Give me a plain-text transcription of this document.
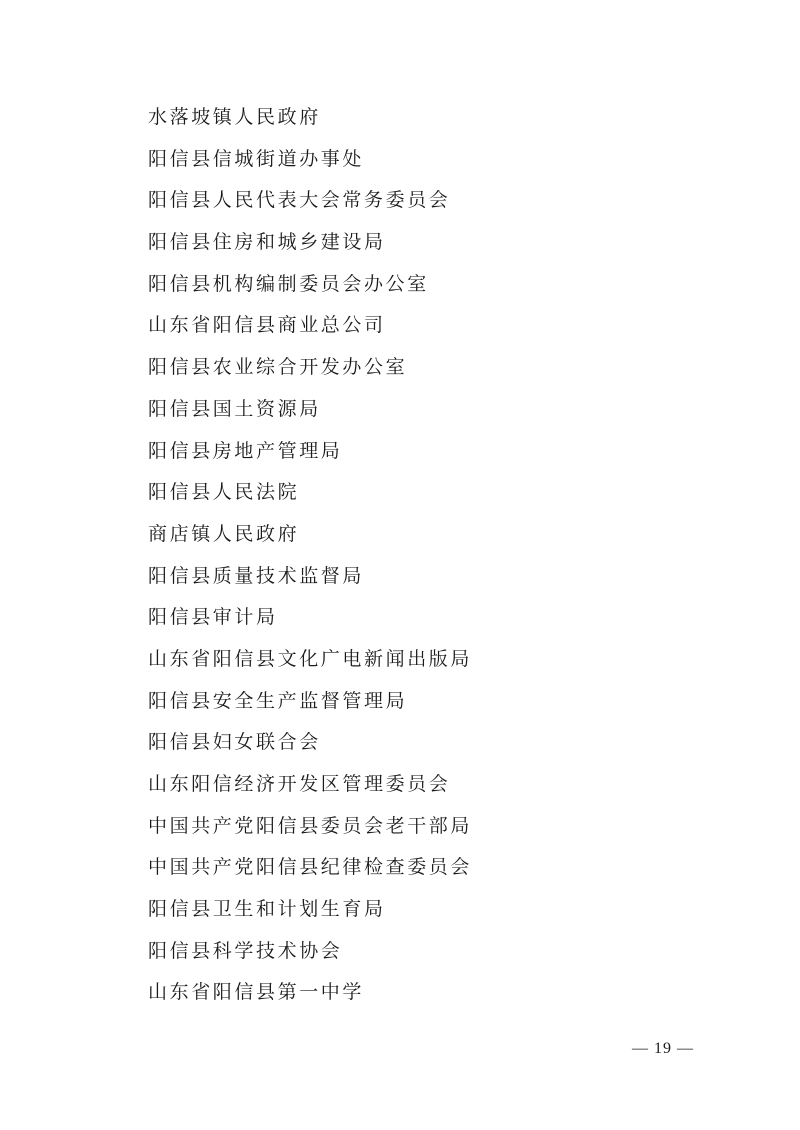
水落坡镇人民政府
阳信县信城街道办事处
阳信县人民代表大会常务委员会
阳信县住房和城乡建设局
阳信县机构编制委员会办公室
山东省阳信县商业总公司
阳信县农业综合开发办公室
阳信县国土资源局
阳信县房地产管理局
阳信县人民法院
商店镇人民政府
阳信县质量技术监督局
阳信县审计局
山东省阳信县文化广电新闻出版局
阳信县安全生产监督管理局
阳信县妇女联合会
山东阳信经济开发区管理委员会
中国共产党阳信县委员会老干部局
中国共产党阳信县纪律检查委员会
阳信县卫生和计划生育局
阳信县科学技术协会
山东省阳信县第一中学
— 19 —
